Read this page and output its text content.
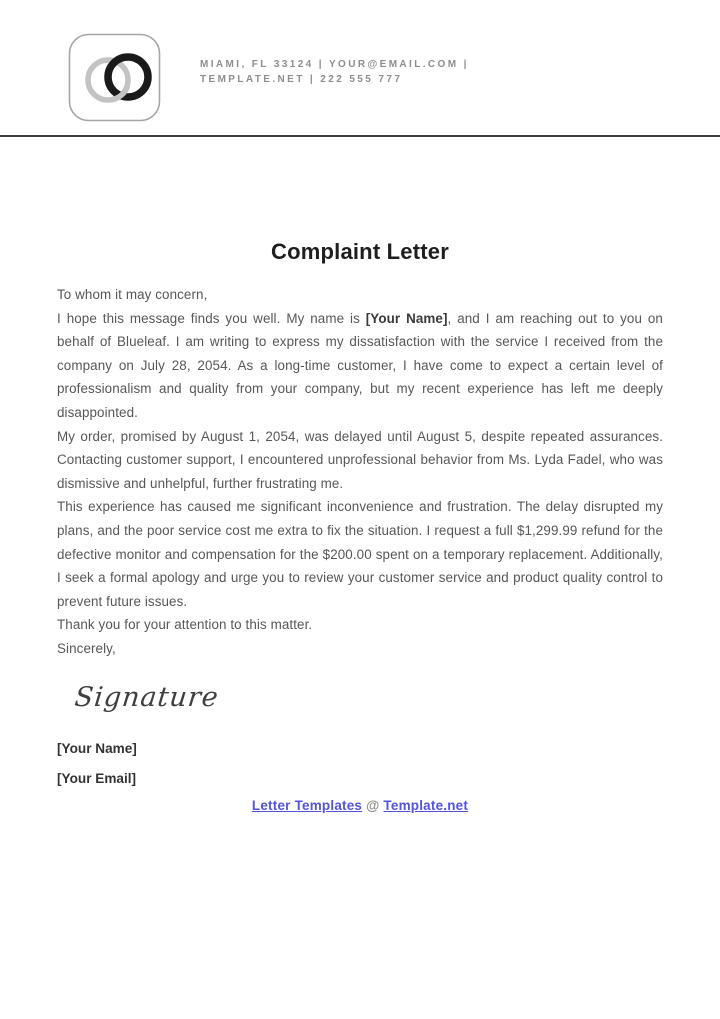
MIAMI, FL 33124 | YOUR@EMAIL.COM |
TEMPLATE.NET | 222 555 777
Complaint Letter

To whom it may concern,

I hope this message finds you well. My name is [Your Name], and I am reaching out to you on behalf of Blueleaf. I am writing to express my dissatisfaction with the service I received from the company on July 28, 2054. As a long-time customer, I have come to expect a certain level of professionalism and quality from your company, but my recent experience has left me deeply disappointed.

My order, promised by August 1, 2054, was delayed until August 5, despite repeated assurances. Contacting customer support, I encountered unprofessional behavior from Ms. Lyda Fadel, who was dismissive and unhelpful, further frustrating me.

This experience has caused me significant inconvenience and frustration. The delay disrupted my plans, and the poor service cost me extra to fix the situation. I request a full $1,299.99 refund for the defective monitor and compensation for the $200.00 spent on a temporary replacement. Additionally, I seek a formal apology and urge you to review your customer service and product quality control to prevent future issues.

Thank you for your attention to this matter.

Sincerely,

Signature

[Your Name]

[Your Email]

Letter Templates @ Template.net
